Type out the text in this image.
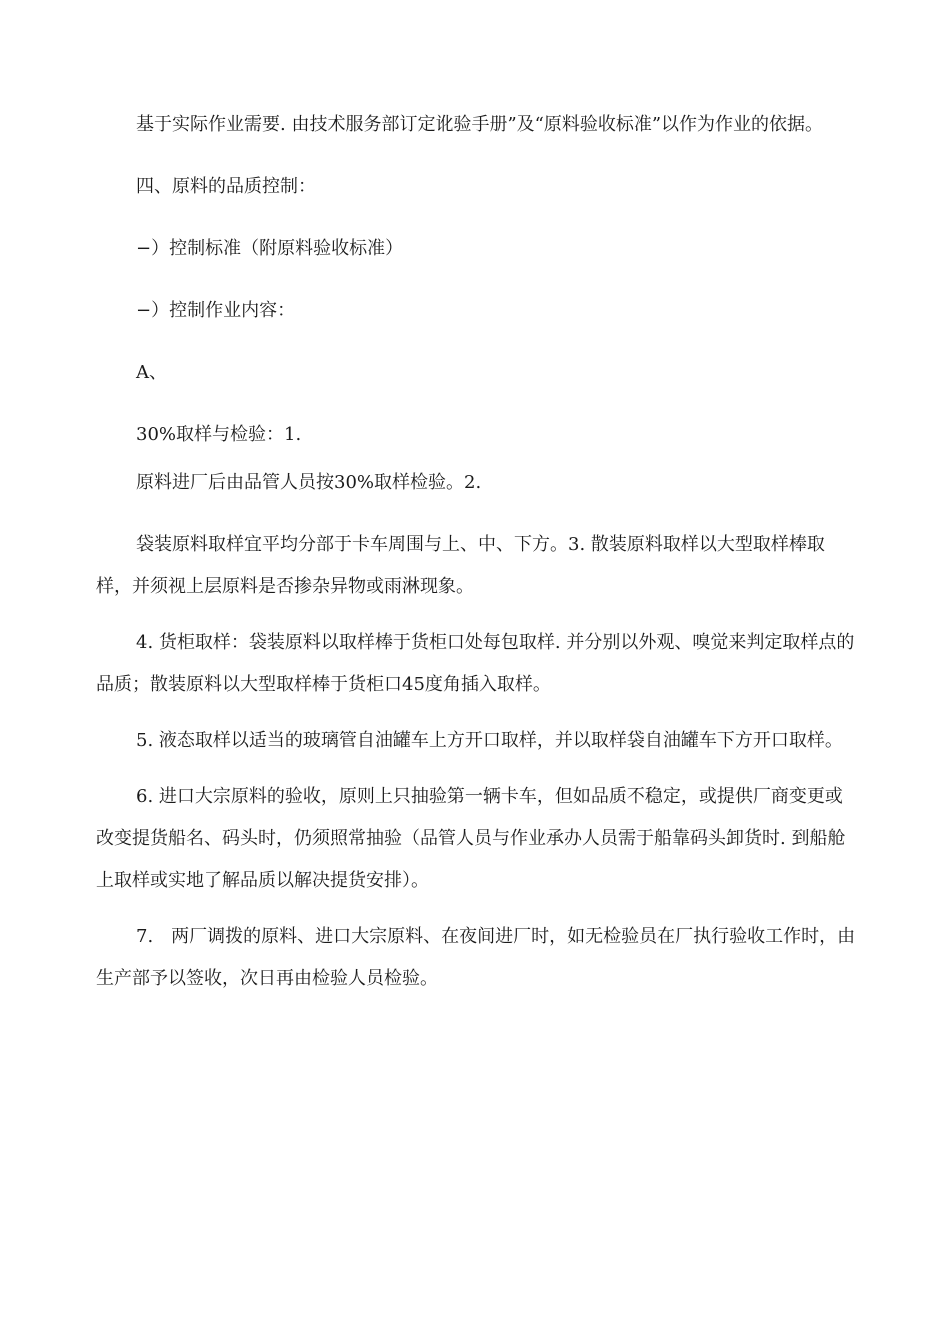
基于实际作业需要. 由技术服务部订定讹验手册”及“原料验收标准”以作为作业的依据。

四、原料的品质控制：

−）控制标准（附原料验收标准）

−）控制作业内容：

A、

30%取样与检验：1.

原料进厂后由品管人员按30%取样检验。2.

袋装原料取样宜平均分部于卡车周围与上、中、下方。3. 散装原料取样以大型取样棒取样，并须视上层原料是否掺杂异物或雨淋现象。

4. 货柜取样：袋装原料以取样棒于货柜口处每包取样. 并分别以外观、嗅觉来判定取样点的品质；散装原料以大型取样棒于货柜口45度角插入取样。

5. 液态取样以适当的玻璃管自油罐车上方开口取样，并以取样袋自油罐车下方开口取样。

6. 进口大宗原料的验收，原则上只抽验第一辆卡车，但如品质不稳定，或提供厂商变更或改变提货船名、码头时，仍须照常抽验（品管人员与作业承办人员需于船靠码头卸货时. 到船舱上取样或实地了解品质以解决提货安排）。

7.　两厂调拨的原料、进口大宗原料、在夜间进厂时，如无检验员在厂执行验收工作时，由生产部予以签收，次日再由检验人员检验。
